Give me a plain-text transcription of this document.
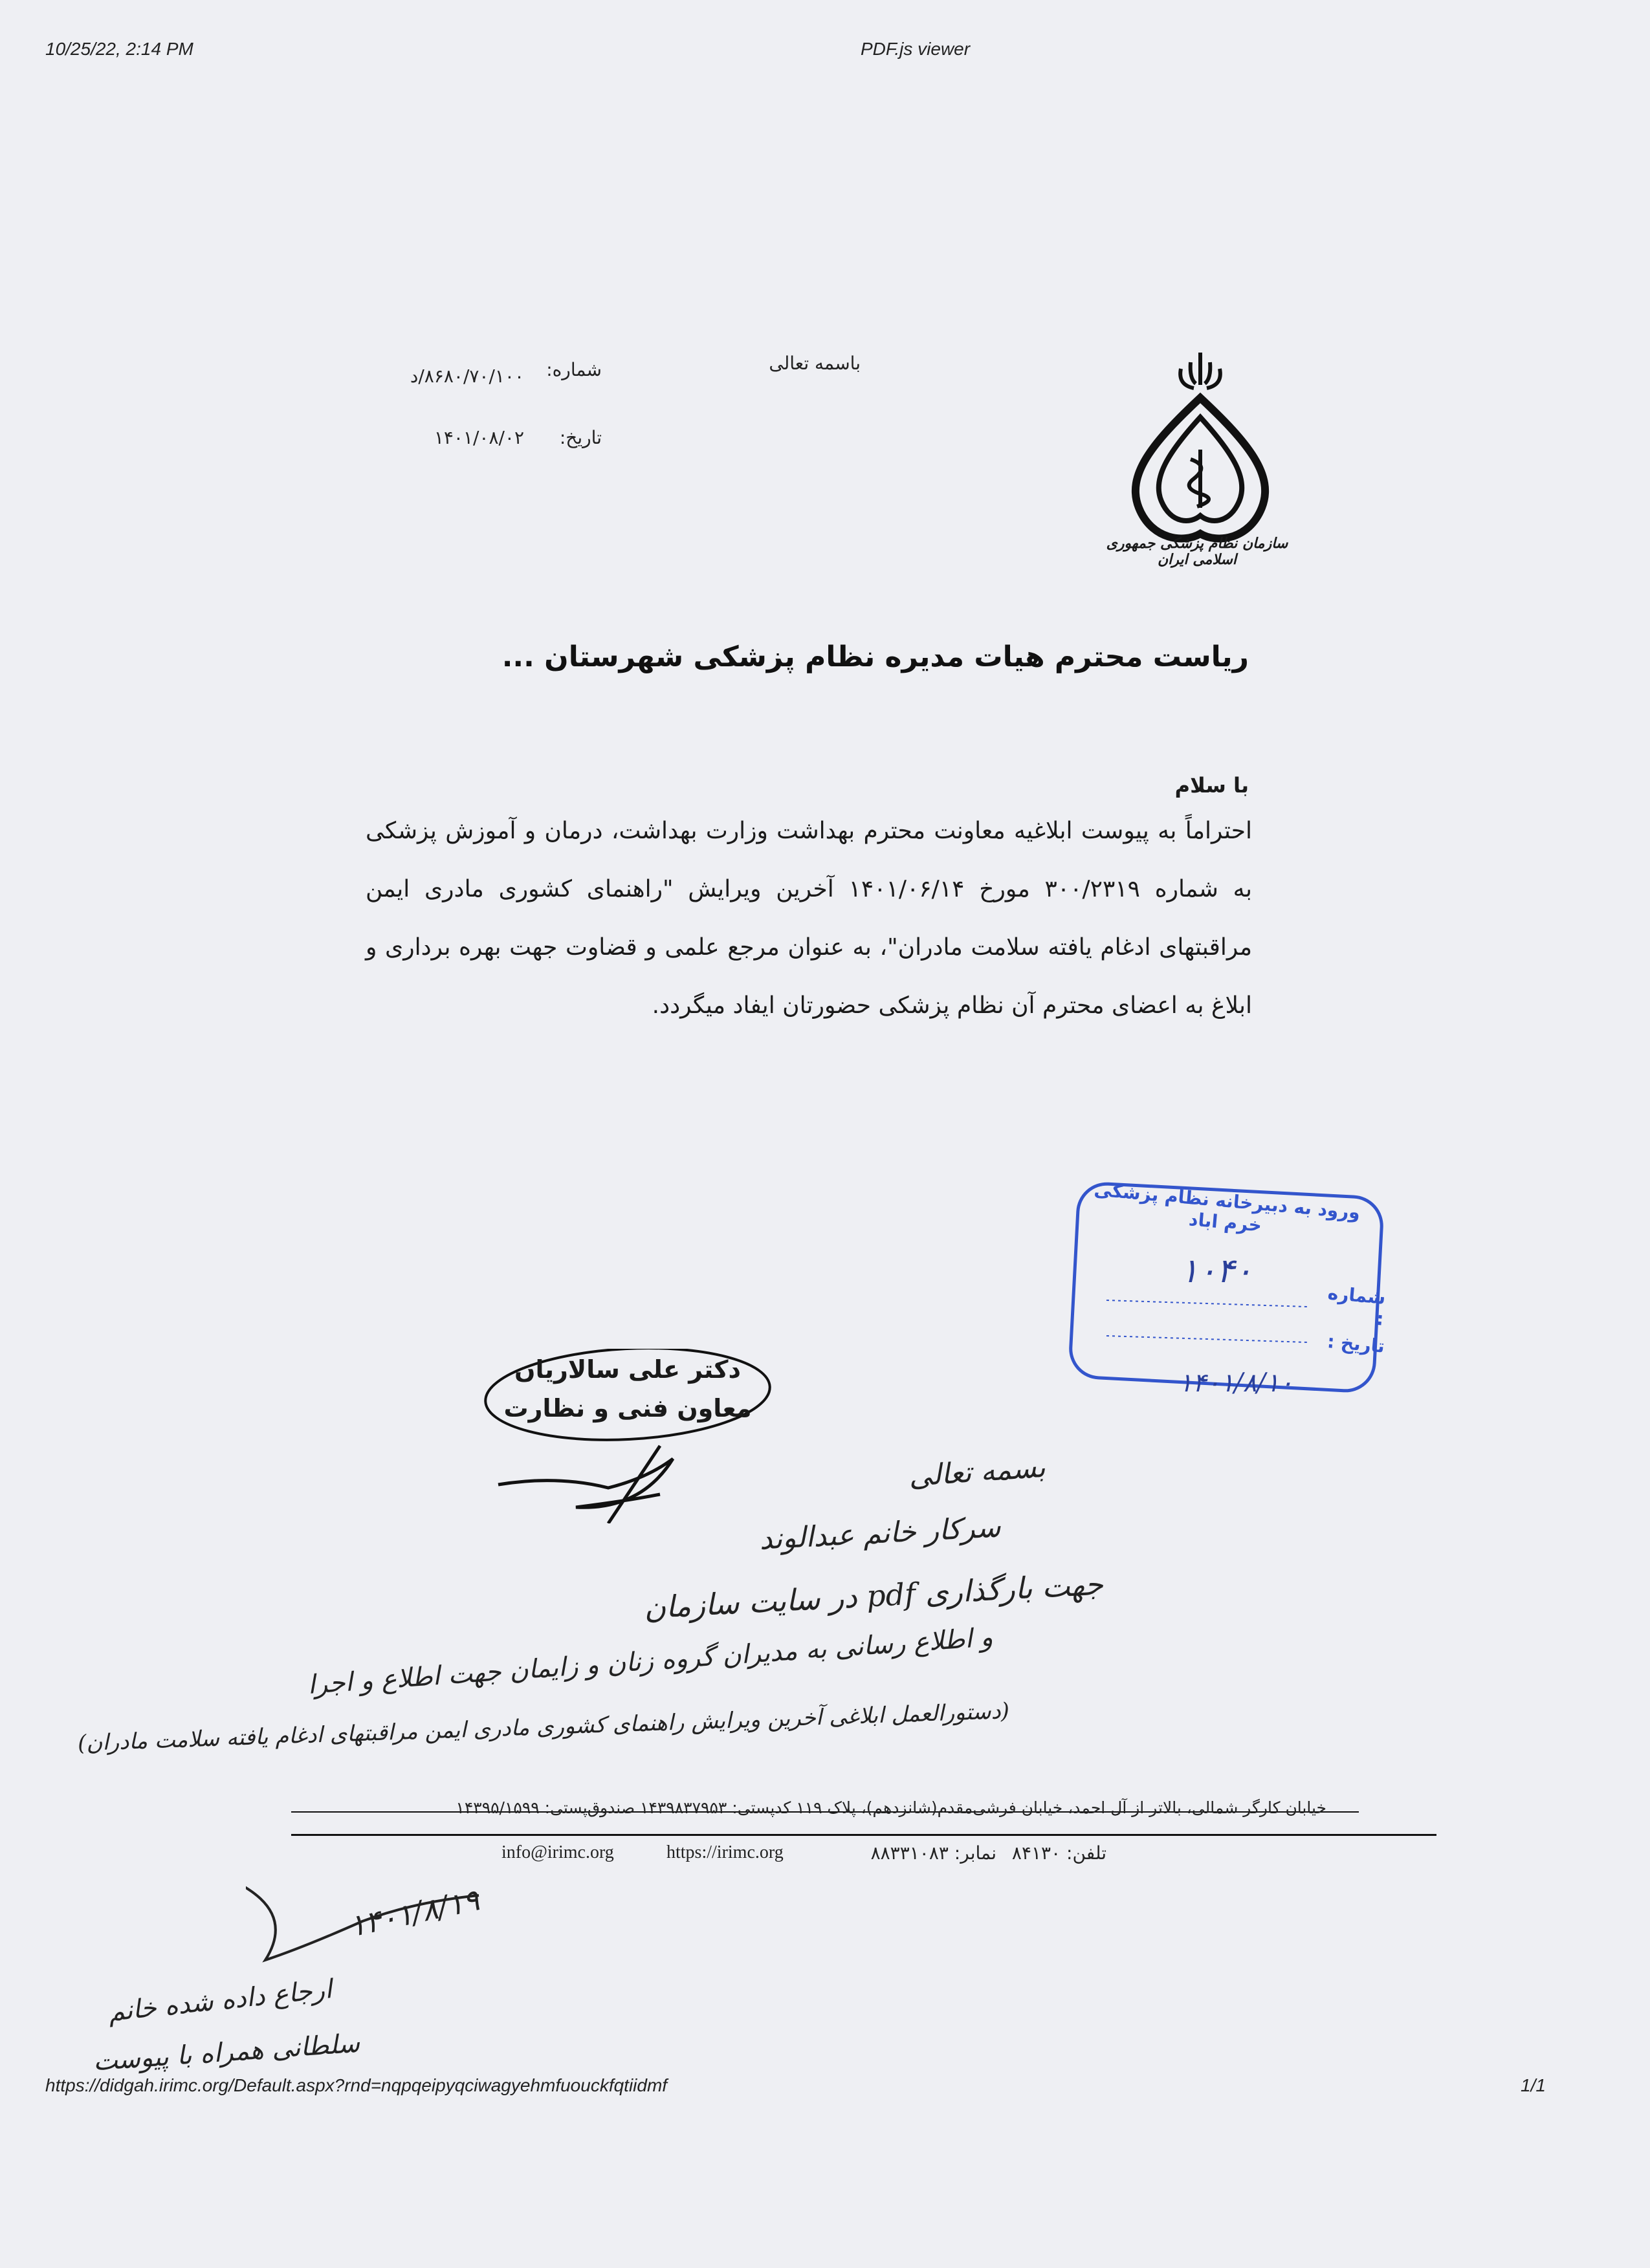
10/25/22, 2:14 PM	PDF.js viewer
سازمان نظام پزشکی جمهوری اسلامی ایران
باسمه تعالی
شماره:
۸۶۸۰/۷۰/۱۰۰/د
تاریخ:
۱۴۰۱/۰۸/۰۲
ریاست محترم هیات مدیره نظام پزشکی شهرستان ...
با سلام
احتراماً به پیوست ابلاغیه معاونت محترم بهداشت وزارت بهداشت، درمان و آموزش پزشکی به شماره ۳۰۰/۲۳۱۹ مورخ ۱۴۰۱/۰۶/۱۴ آخرین ویرایش "راهنمای کشوری مادری ایمن مراقبتهای ادغام یافته سلامت مادران"، به عنوان مرجع علمی و قضاوت جهت بهره برداری و ابلاغ به اعضای محترم آن نظام پزشکی حضورتان ایفاد میگردد.
ورود به دبیرخانه نظام پزشکی خرم اباد
شماره :
۱۰۴۰
تاریخ :
۱۴۰۱/۸/۱۰
دکتر علی سالاریان
معاون فنی و نظارت
بسمه تعالی
سرکار خانم عبدالوند
جهت بارگذاری pdf در سایت سازمان
و اطلاع رسانی به مدیران گروه زنان و زایمان جهت اطلاع و اجرا
(دستورالعمل ابلاغی آخرین ویرایش راهنمای کشوری مادری ایمن مراقبتهای ادغام یافته سلامت مادران)
خیابان کارگر شمالی، بالاتر از آل احمد، خیابان فرشی‌مقدم(شانزدهم)، پلاک ۱۱۹ کدپستی: ۱۴۳۹۸۳۷۹۵۳ صندوق‌پستی: ۱۴۳۹۵/۱۵۹۹
تلفن: ۸۴۱۳۰
نمابر: ۸۸۳۳۱۰۸۳
https://irimc.org
info@irimc.org
۱۴۰۱/۸/۱۹
ارجاع داده شده خانم
سلطانی همراه با پیوست
https://didgah.irimc.org/Default.aspx?rnd=nqpqeipyqciwagyehmfuouckfqtiidmf	1/1
